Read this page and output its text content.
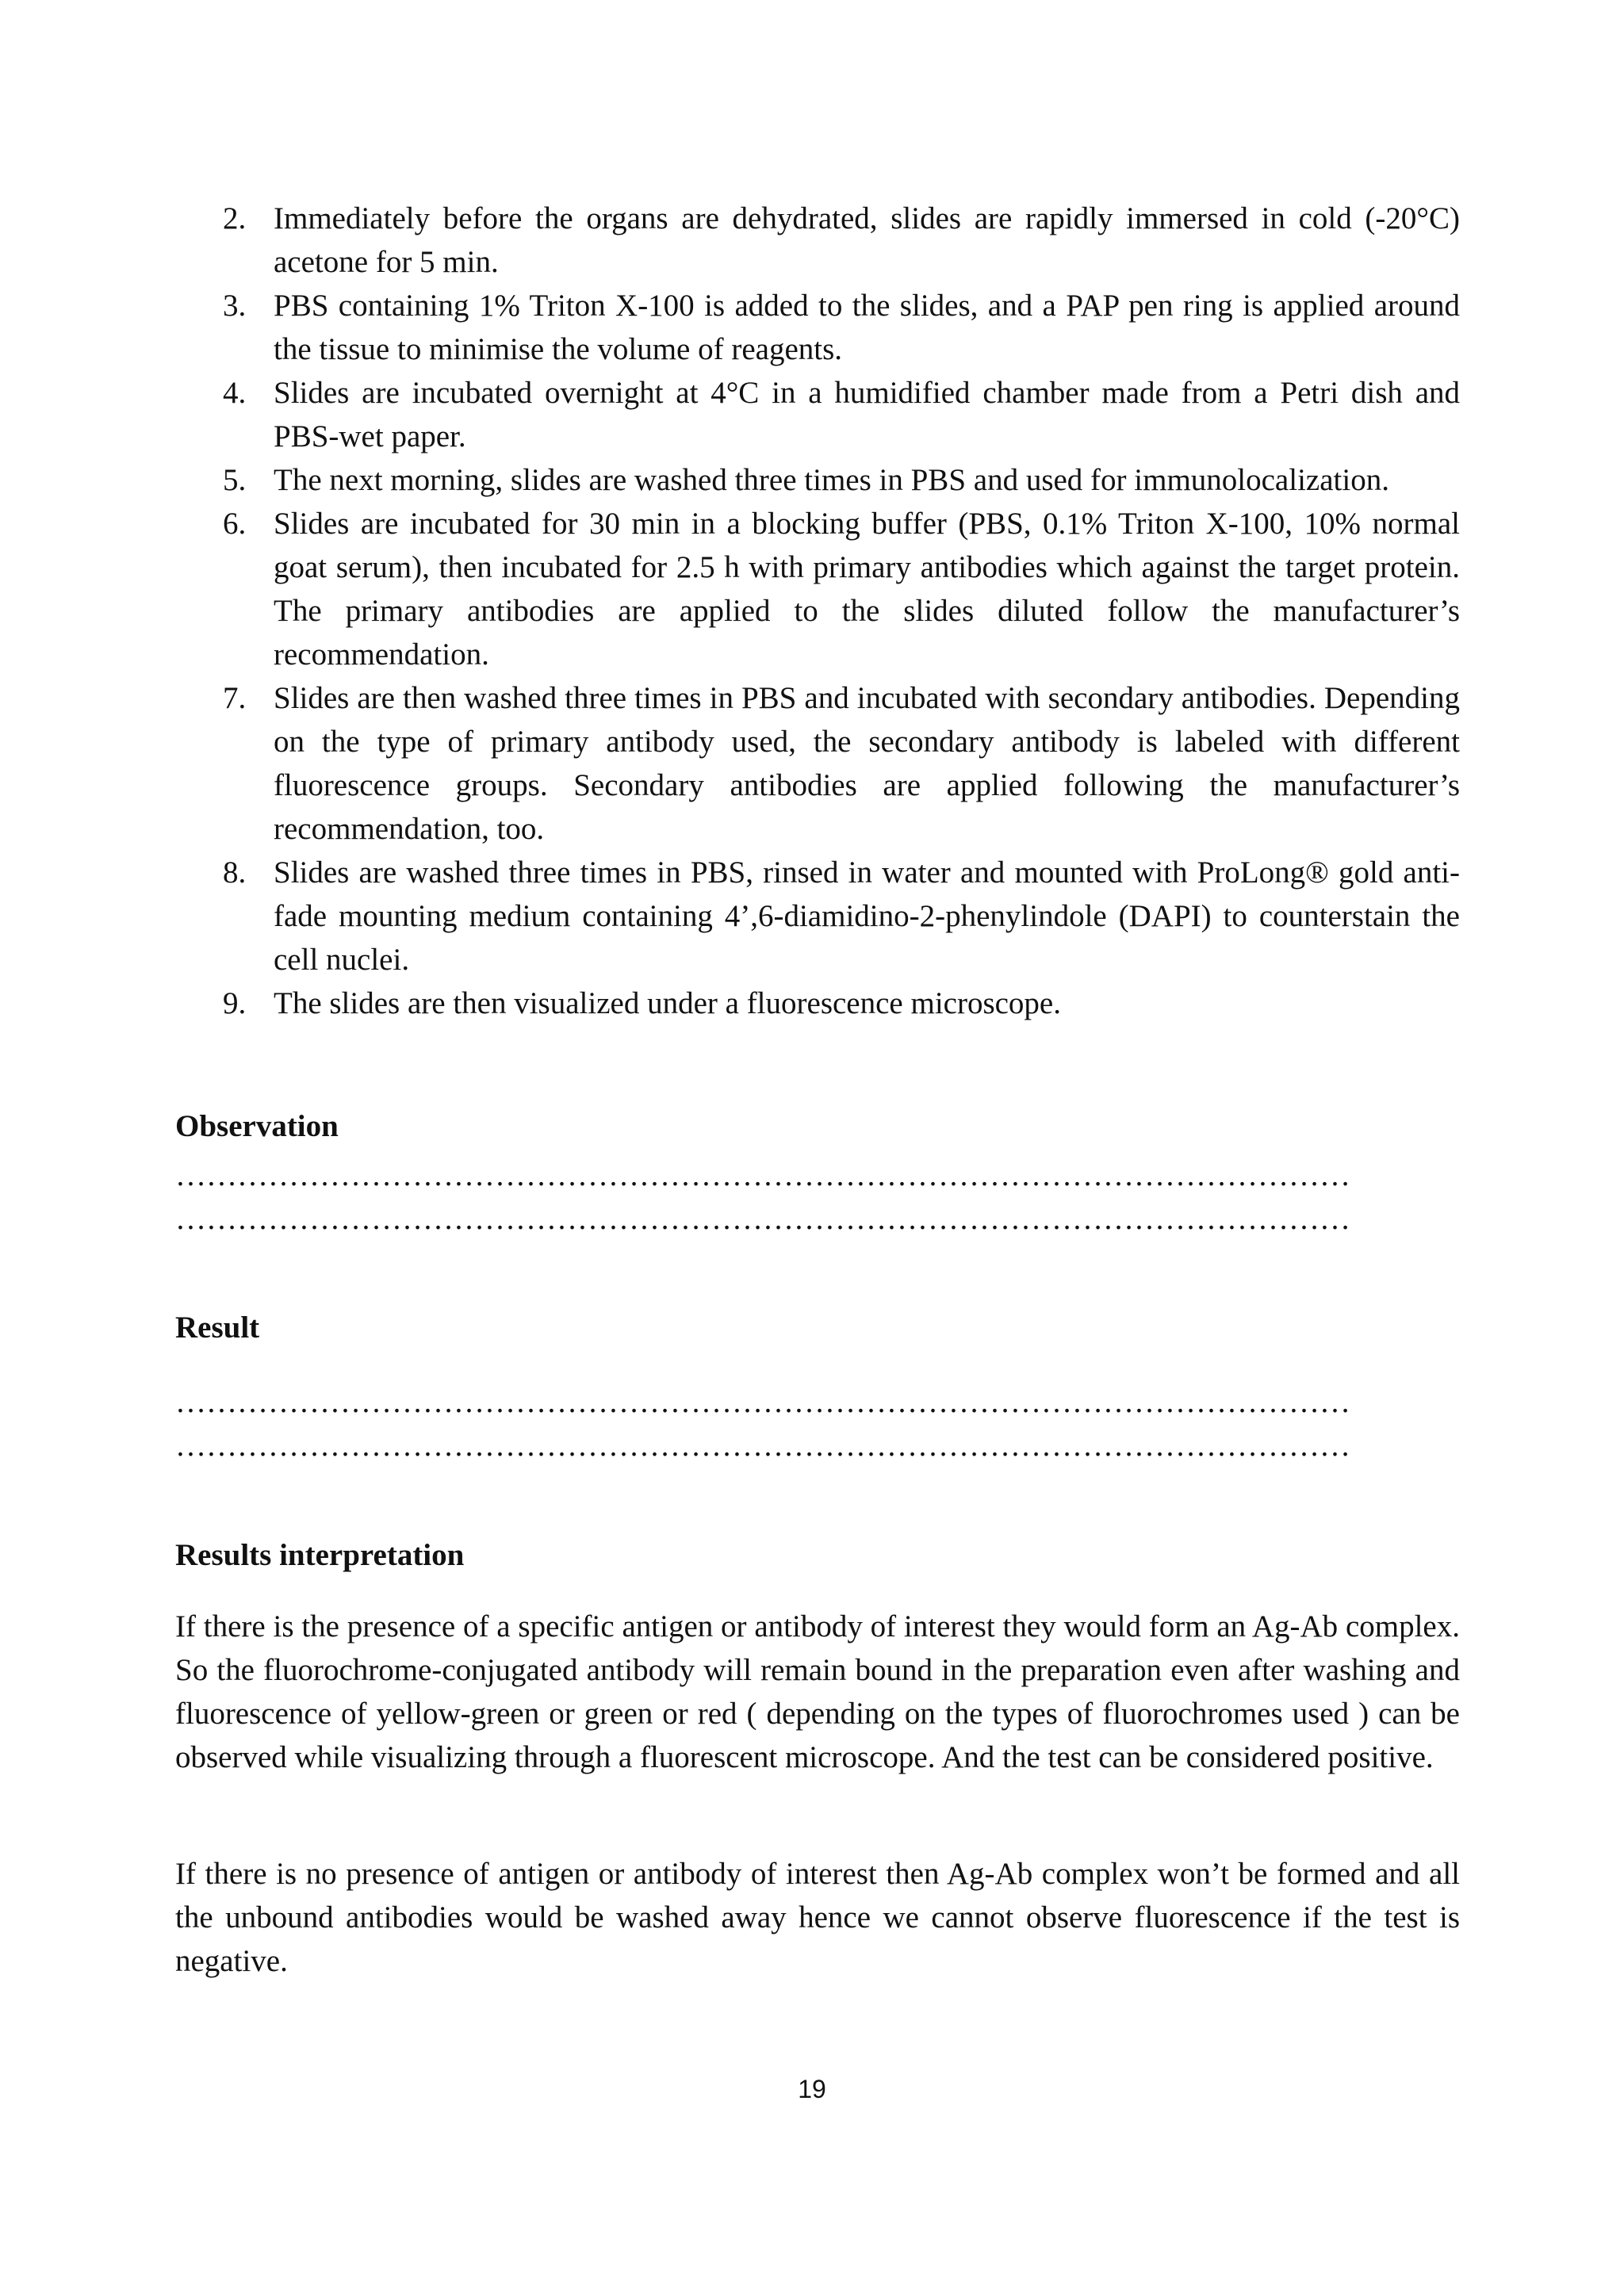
2. Immediately before the organs are dehydrated, slides are rapidly immersed in cold (-20°C) acetone for 5 min.
3. PBS containing 1% Triton X-100 is added to the slides, and a PAP pen ring is applied around the tissue to minimise the volume of reagents.
4. Slides are incubated overnight at 4°C in a humidified chamber made from a Petri dish and PBS-wet paper.
5. The next morning, slides are washed three times in PBS and used for immunolocalization.
6. Slides are incubated for 30 min in a blocking buffer (PBS, 0.1% Triton X-100, 10% normal goat serum), then incubated for 2.5 h with primary antibodies which against the target protein. The primary antibodies are applied to the slides diluted follow the manufacturer’s recommendation.
7. Slides are then washed three times in PBS and incubated with secondary antibodies. Depending on the type of primary antibody used, the secondary antibody is labeled with different fluorescence groups. Secondary antibodies are applied following the manufacturer’s recommendation, too.
8. Slides are washed three times in PBS, rinsed in water and mounted with ProLong® gold anti-fade mounting medium containing 4’,6-diamidino-2-phenylindole (DAPI) to counterstain the cell nuclei.
9. The slides are then visualized under a fluorescence microscope.
Observation
……………………………………………………………………………………………………
……………………………………………………………………………………………………
Result
……………………………………………………………………………………………………
……………………………………………………………………………………………………
Results interpretation

If there is the presence of a specific antigen or antibody of interest they would form an Ag-Ab complex. So the fluorochrome-conjugated antibody will remain bound in the preparation even after washing and fluorescence of yellow-green or green or red ( depending on the types of fluorochromes used ) can be observed while visualizing through a fluorescent microscope. And the test can be considered positive.

If there is no presence of antigen or antibody of interest then Ag-Ab complex won’t be formed and all the unbound antibodies would be washed away hence we cannot observe fluorescence if the test is negative.

19
